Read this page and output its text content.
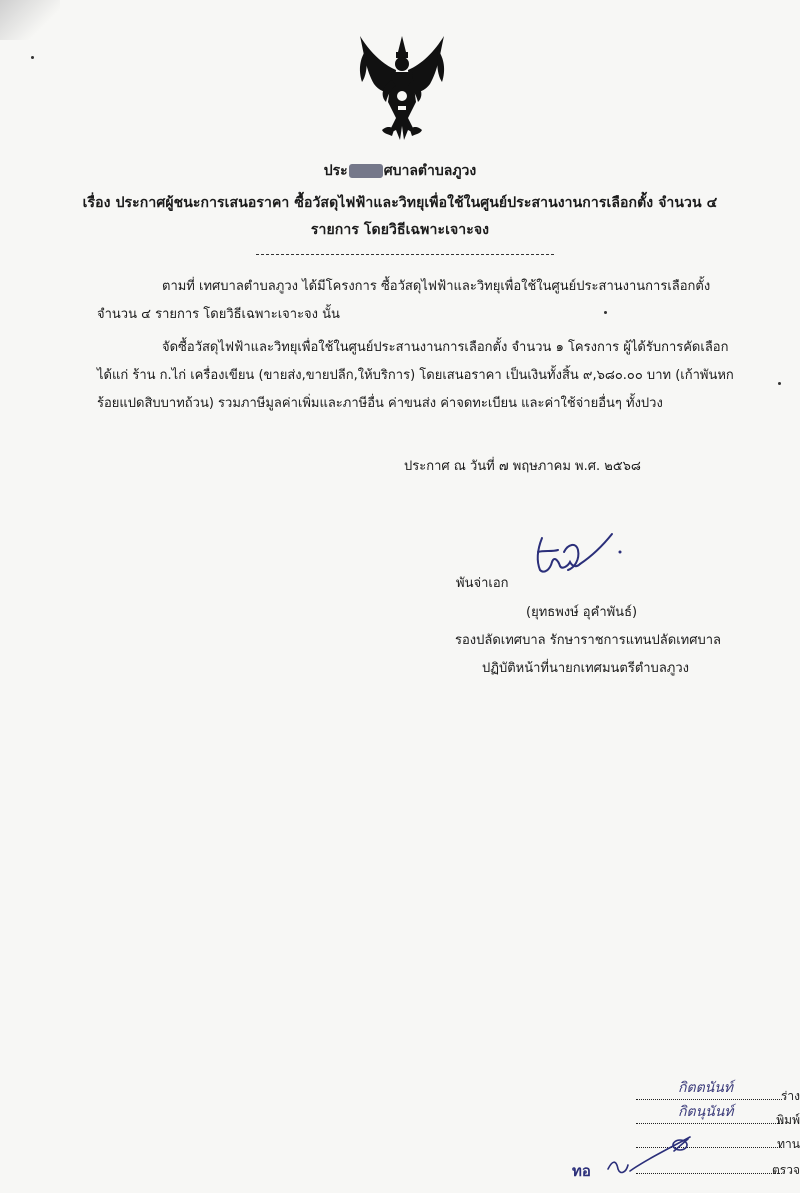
ประ	ศบาลตำบลภูวง
เรื่อง ประกาศผู้ชนะการเสนอราคา ซื้อวัสดุไฟฟ้าและวิทยุเพื่อใช้ในศูนย์ประสานงานการเลือกตั้ง จำนวน ๔
รายการ โดยวิธีเฉพาะเจาะจง
ตามที่ เทศบาลตำบลภูวง ได้มีโครงการ ซื้อวัสดุไฟฟ้าและวิทยุเพื่อใช้ในศูนย์ประสานงานการเลือกตั้ง
จำนวน ๔ รายการ โดยวิธีเฉพาะเจาะจง นั้น
จัดซื้อวัสดุไฟฟ้าและวิทยุเพื่อใช้ในศูนย์ประสานงานการเลือกตั้ง จำนวน ๑ โครงการ ผู้ได้รับการคัดเลือก
ได้แก่ ร้าน ก.ไก่ เครื่องเขียน (ขายส่ง,ขายปลีก,ให้บริการ) โดยเสนอราคา เป็นเงินทั้งสิ้น ๙,๖๘๐.๐๐ บาท (เก้าพันหก
ร้อยแปดสิบบาทถ้วน) รวมภาษีมูลค่าเพิ่มและภาษีอื่น ค่าขนส่ง ค่าจดทะเบียน และค่าใช้จ่ายอื่นๆ ทั้งปวง
ประกาศ ณ วันที่ ๗ พฤษภาคม พ.ศ. ๒๕๖๘
พันจ่าเอก
(ยุทธพงษ์ อุคำพันธ์)
รองปลัดเทศบาล รักษาราชการแทนปลัดเทศบาล
ปฏิบัติหน้าที่นายกเทศมนตรีตำบลภูวง
กิตตนันท์	ร่าง
กิตนุนันท์	พิมพ์
ทาน
ตรวจ
ทอ
